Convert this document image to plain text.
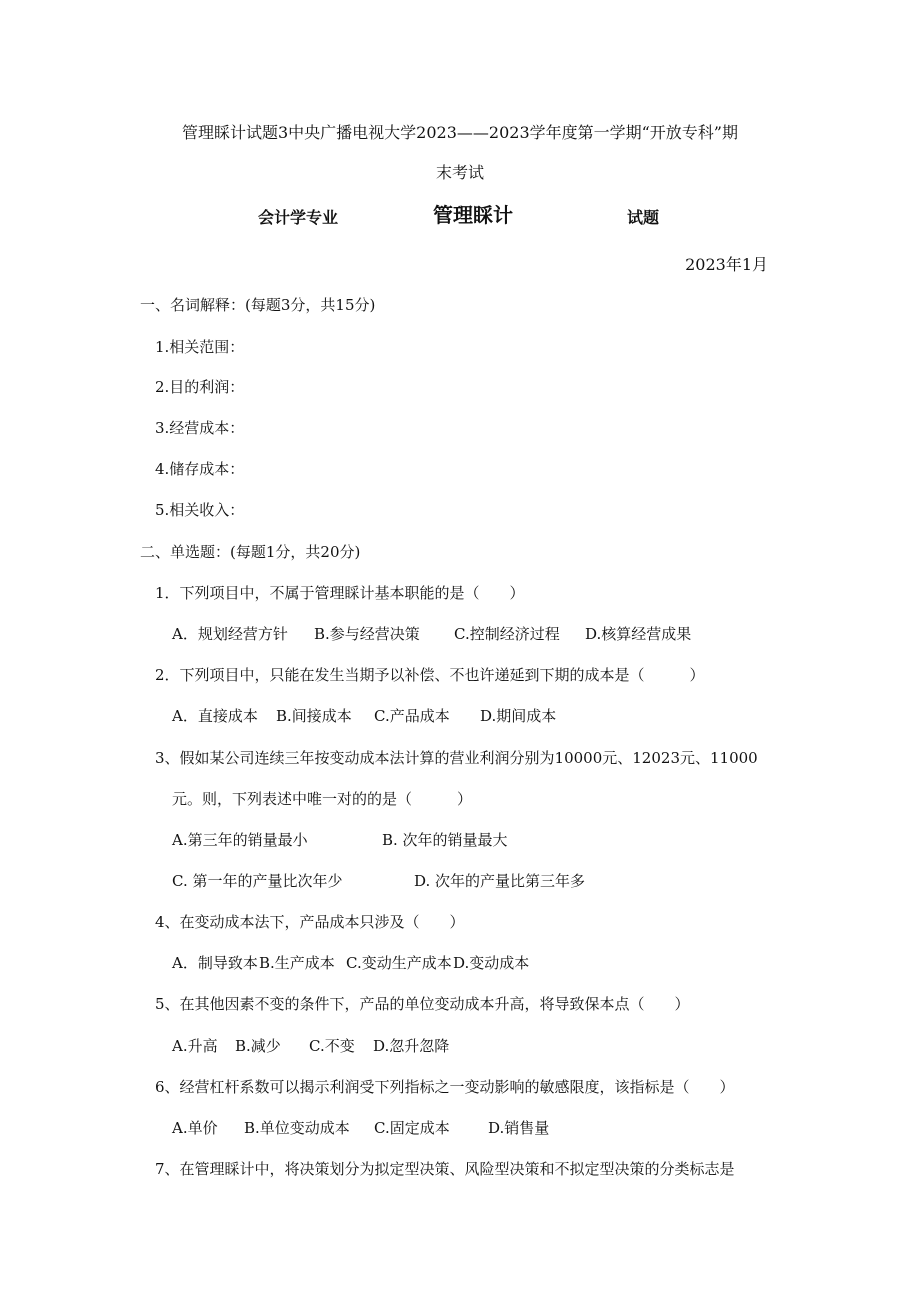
管理睬计试题3中央广播电视大学2023——2023学年度第一学期“开放专科”期
末考试
会计学专业	管理睬计	试题
2023年1月
一、名词解释：(每题3分，共15分)
1.相关范围：
2.目的利润：
3.经营成本：
4.储存成本：
5.相关收入：
二、单选题：(每题1分，共20分)
1．下列项目中，不属于管理睬计基本职能的是（　　）
A．规划经营方针 B.参与经营决策 C.控制经济过程 D.核算经营成果
2．下列项目中，只能在发生当期予以补偿、不也许递延到下期的成本是（　　　）
A．直接成本 B.间接成本 C.产品成本 D.期间成本
3、假如某公司连续三年按变动成本法计算的营业利润分别为10000元、12023元、11000
元。则，下列表述中唯一对的的是（　　　）
A.第三年的销量最小	B. 次年的销量最大
C. 第一年的产量比次年少	D. 次年的产量比第三年多
4、在变动成本法下，产品成本只涉及（　　）
A．制导致本B.生产成本 C.变动生产成本D.变动成本
5、在其他因素不变的条件下，产品的单位变动成本升高，将导致保本点（　　）
A.升高 B.减少 C.不变 D.忽升忽降
6、经营杠杆系数可以揭示利润受下列指标之一变动影响的敏感限度，该指标是（　　）
A.单价 B.单位变动成本 C.固定成本	D.销售量
7、在管理睬计中，将决策划分为拟定型决策、风险型决策和不拟定型决策的分类标志是
